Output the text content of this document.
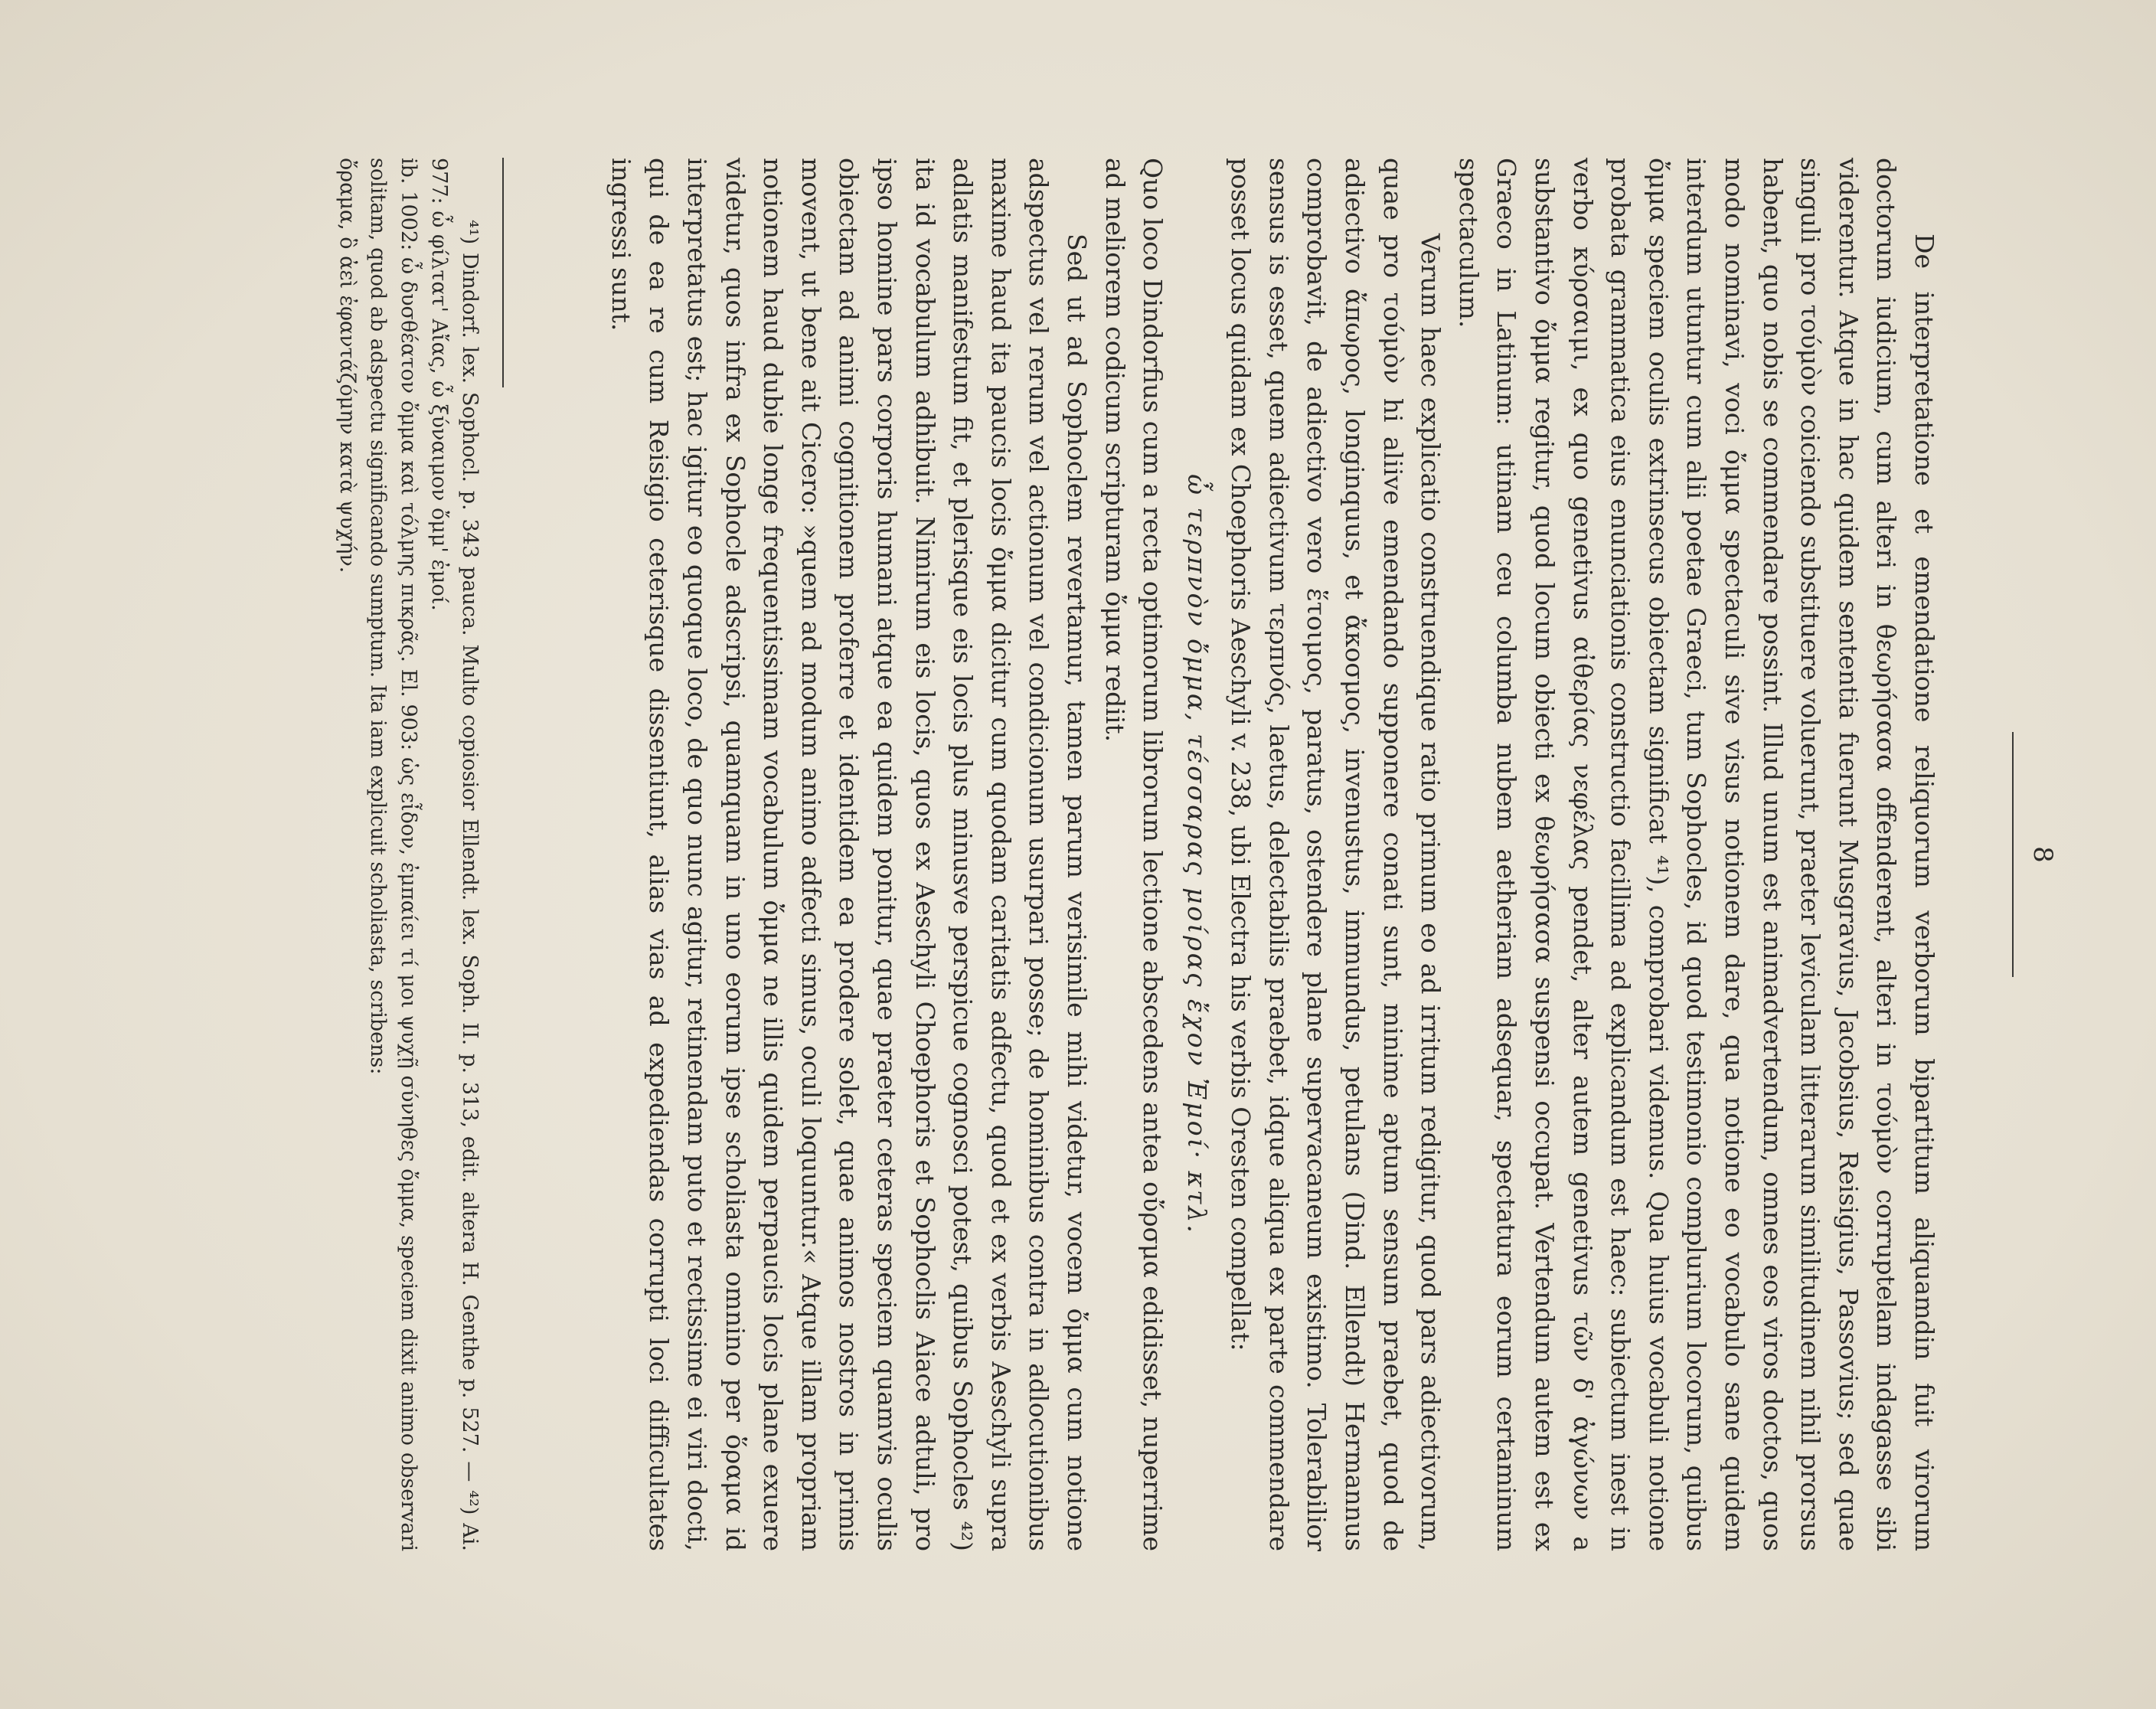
8

De interpretatione et emendatione reliquorum verborum bipartitum aliquamdin fuit virorum doctorum iudicium, cum alteri in θεωρήσασα offenderent, alteri in τούμὸν corruptelam indagasse sibi viderentur. Atque in hac quidem sententia fuerunt Musgravius, Jacobsius, Reisigius, Passovius; sed quae singuli pro τούμὸν coiciendo substituere voluerunt, praeter leviculam litterarum similitudinem nihil prorsus habent, quo nobis se commendare possint. Illud unum est animadvertendum, omnes eos viros doctos, quos modo nominavi, voci ὄμμα spectaculi sive visus notionem dare, qua notione eo vocabulo sane quidem interdum utuntur cum alii poetae Graeci, tum Sophocles, id quod testimonio complurium locorum, quibus ὄμμα speciem oculis extrinsecus obiectam significat ⁴¹), comprobari videmus. Qua huius vocabuli notione probata grammatica eius enunciationis constructio facillima ad explicandum est haec: subiectum inest in verbo κύρσαιμι, ex quo genetivus αἰθερίας νεφέλας pendet, alter autem genetivus τῶν δ' ἀγώνων a substantivo ὄμμα regitur, quod locum obiecti ex θεωρήσασα suspensi occupat. Vertendum autem est ex Graeco in Latinum: utinam ceu columba nubem aetheriam adsequar, spectatura eorum certaminum spectaculum.

Verum haec explicatio construendique ratio primum eo ad irritum redigitur, quod pars adiectivorum, quae pro τούμὸν hi aliive emendando supponere conati sunt, minime aptum sensum praebet, quod de adiectivo ἄπωρος, longinquus, et ἄκοσμος, invenustus, immundus, petulans (Dind. Ellendt) Hermannus comprobavit, de adiectivo vero ἕτοιμος, paratus, ostendere plane supervacaneum existimo. Tolerabilior sensus is esset, quem adiectivum τερπνός, laetus, delectabilis praebet, idque aliqua ex parte commendare posset locus quidam ex Choephoris Aeschyli v. 238, ubi Electra his verbis Oresten compellat:

ὦ τερπνὸν ὄμμα, τέσσαρας μοίρας ἔχον Ἐμοί· κτλ.

Quo loco Dindorfius cum a recta optimorum librorum lectione abscedens antea οὔρσμα edidisset, nuperrime ad meliorem codicum scripturam ὄμμα rediit.

Sed ut ad Sophoclem revertamur, tamen parum verisimile mihi videtur, vocem ὄμμα cum notione adspectus vel rerum vel actionum vel condicionum usurpari posse; de hominibus contra in adlocutionibus maxime haud ita paucis locis ὄμμα dicitur cum quodam caritatis adfectu, quod et ex verbis Aeschyli supra adlatis manifestum fit, et plerisque eis locis plus minusve perspicue cognosci potest, quibus Sophocles ⁴²) ita id vocabulum adhibuit. Nimirum eis locis, quos ex Aeschyli Choephoris et Sophoclis Aiace adtuli, pro ipso homine pars corporis humani atque ea quidem ponitur, quae praeter ceteras speciem quamvis oculis obiectam ad animi cognitionem proferre et identidem ea prodere solet, quae animos nostros in primis movent, ut bene ait Cicero: »quem ad modum animo adfecti simus, oculi loquuntur.« Atque illam propriam notionem haud dubie longe frequentissimam vocabulum ὄμμα ne illis quidem perpaucis locis plane exuere videtur, quos infra ex Sophocle adscripsi, quamquam in uno eorum ipse scholiasta omnino per ὅραμα id interpretatus est; hac igitur eo quoque loco, de quo nunc agitur, retinendam puto et rectissime ei viri docti, qui de ea re cum Reisigio ceterisque dissentiunt, alias vias ad expediendas corrupti loci difficultates ingressi sunt.

⁴¹) Dindorf. lex. Sophocl. p. 343 pauca. Multo copiosior Ellendt. lex. Soph. II. p. 313, edit. altera H. Genthe p. 527. — ⁴²) Ai. 977: ὦ φίλτατ' Αἴας, ὦ ξύναιμον ὄμμ' ἐμοί.

ib. 1002: ὦ δυσθέατον ὄμμα καὶ τόλμης πικρᾶς. El. 903: ὡς εἶδον, ἐμπαίει τί μοι ψυχῇ σύνηθες ὄμμα, speciem dixit animo observari solitam, quod ab adspectu significando sumptum. Ita iam explicuit scholiasta, scribens:

ὄραμα, ὃ ἀεὶ ἐφαντάζόμην κατὰ ψυχήν.
